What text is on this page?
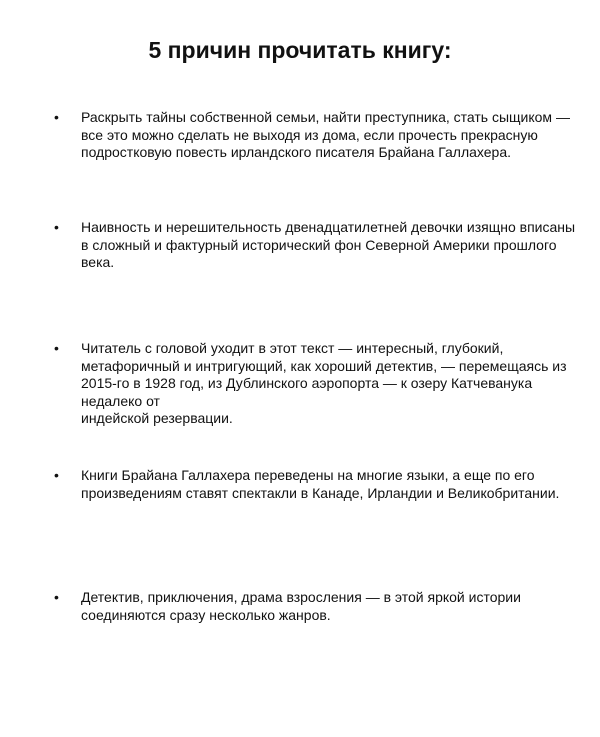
5 причин прочитать книгу:
•	Раскрыть тайны собственной семьи, найти преступника, стать сыщиком — все это можно сделать не выходя из дома, если прочесть прекрасную подростковую повесть ирландского писателя Брайана Галлахера.

•	Наивность и нерешительность двенадцатилетней девочки изящно вписаны в сложный и фактурный исторический фон Северной Америки прошлого века.

•	Читатель с головой уходит в этот текст — интересный, глубокий, метафоричный и интригующий, как хороший детектив, — перемещаясь из 2015-го в 1928 год, из Дублинского аэропорта — к озеру Катчеванука недалеко от
индейской резервации.

•	Книги Брайана Галлахера переведены на многие языки, а еще по его произведениям ставят спектакли в Канаде, Ирландии и Великобритании.

•	Детектив, приключения, драма взросления — в этой яркой истории соединяются сразу несколько жанров.
